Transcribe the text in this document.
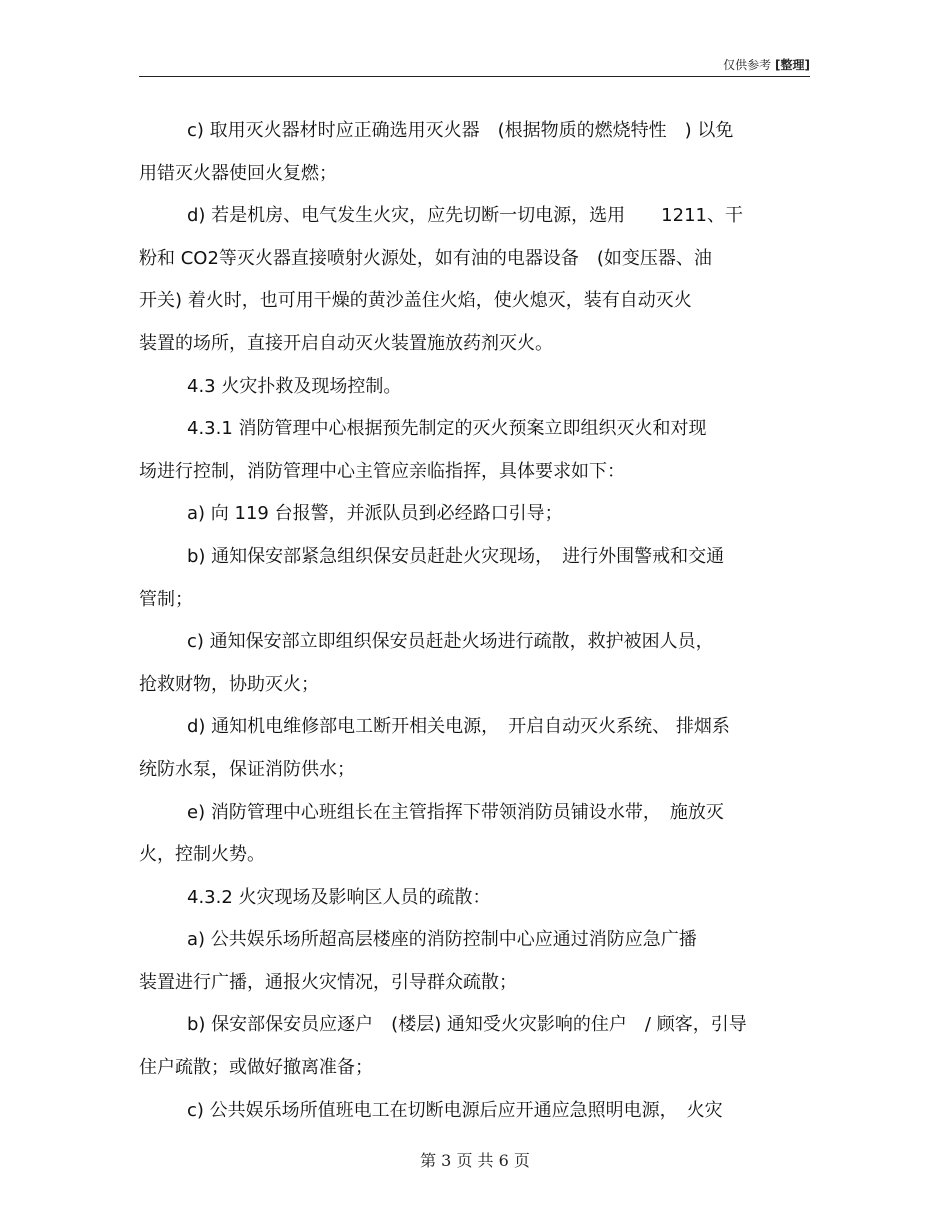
仅供参考 [整理]
c) 取用灭火器材时应正确选用灭火器　(根据物质的燃烧特性　) 以免
用错灭火器使回火复燃；
d) 若是机房、电气发生火灾，应先切断一切电源，选用　　1211、干
粉和 CO2等灭火器直接喷射火源处，如有油的电器设备　(如变压器、油
开关) 着火时，也可用干燥的黄沙盖住火焰，使火熄灭，装有自动灭火
装置的场所，直接开启自动灭火装置施放药剂灭火。
4.3 火灾扑救及现场控制。
4.3.1 消防管理中心根据预先制定的灭火预案立即组织灭火和对现
场进行控制，消防管理中心主管应亲临指挥，具体要求如下：
a) 向 119 台报警，并派队员到必经路口引导；
b) 通知保安部紧急组织保安员赶赴火灾现场，　进行外围警戒和交通
管制；
c) 通知保安部立即组织保安员赶赴火场进行疏散，救护被困人员，
抢救财物，协助灭火；
d) 通知机电维修部电工断开相关电源，　开启自动灭火系统、 排烟系
统防水泵，保证消防供水；
e) 消防管理中心班组长在主管指挥下带领消防员铺设水带，　施放灭
火，控制火势。
4.3.2 火灾现场及影响区人员的疏散：
a) 公共娱乐场所超高层楼座的消防控制中心应通过消防应急广播
装置进行广播，通报火灾情况，引导群众疏散；
b) 保安部保安员应逐户　(楼层) 通知受火灾影响的住户　/ 顾客，引导
住户疏散；或做好撤离准备；
c) 公共娱乐场所值班电工在切断电源后应开通应急照明电源，　火灾
第 3 页 共 6 页
